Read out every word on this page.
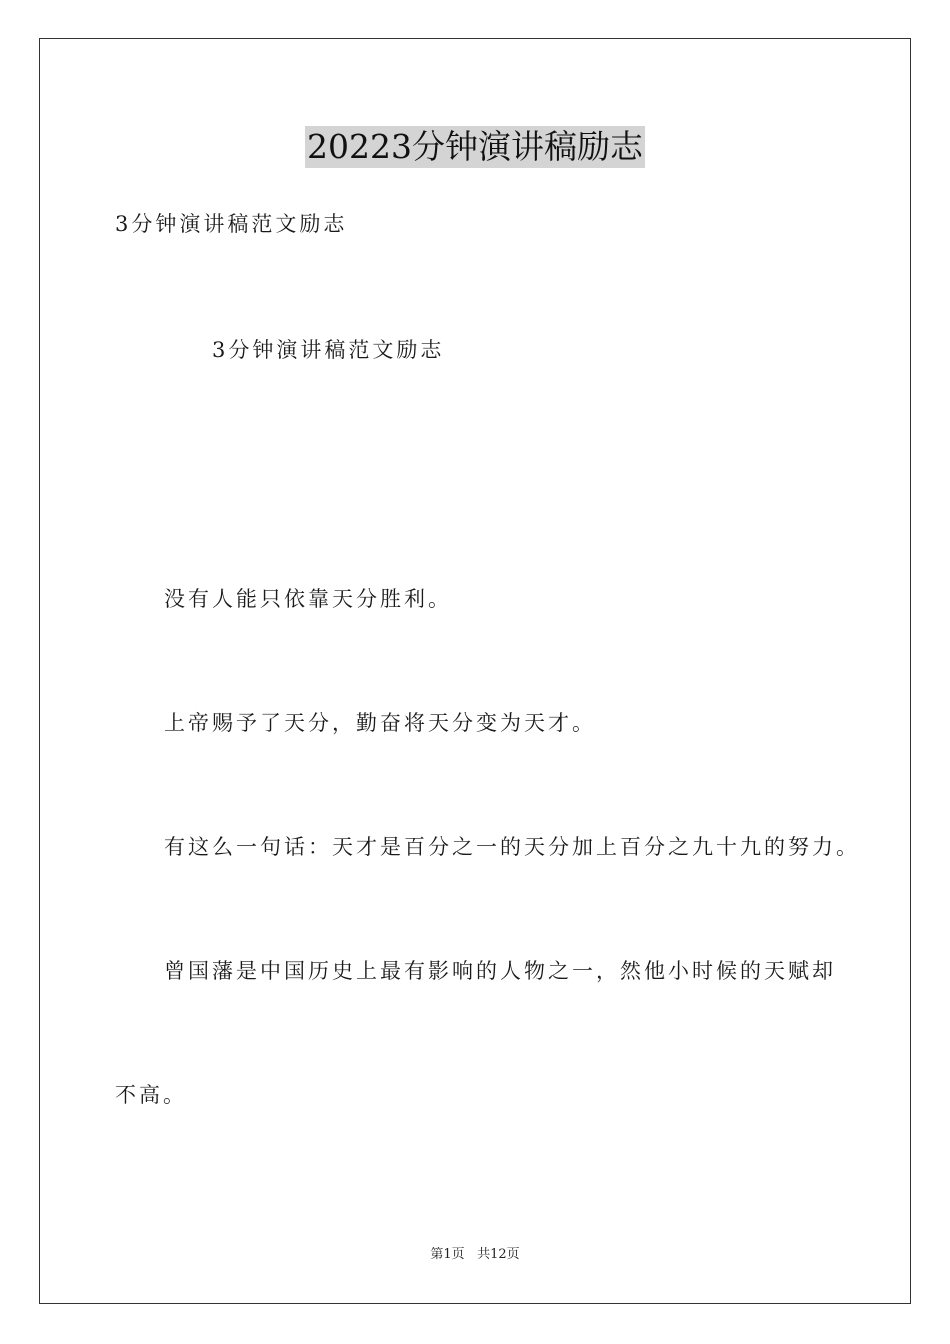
20223分钟演讲稿励志
3分钟演讲稿范文励志
3分钟演讲稿范文励志
没有人能只依靠天分胜利。
上帝赐予了天分，勤奋将天分变为天才。
有这么一句话：天才是百分之一的天分加上百分之九十九的努力。
曾国藩是中国历史上最有影响的人物之一，然他小时候的天赋却
不高。
第1页 共12页
